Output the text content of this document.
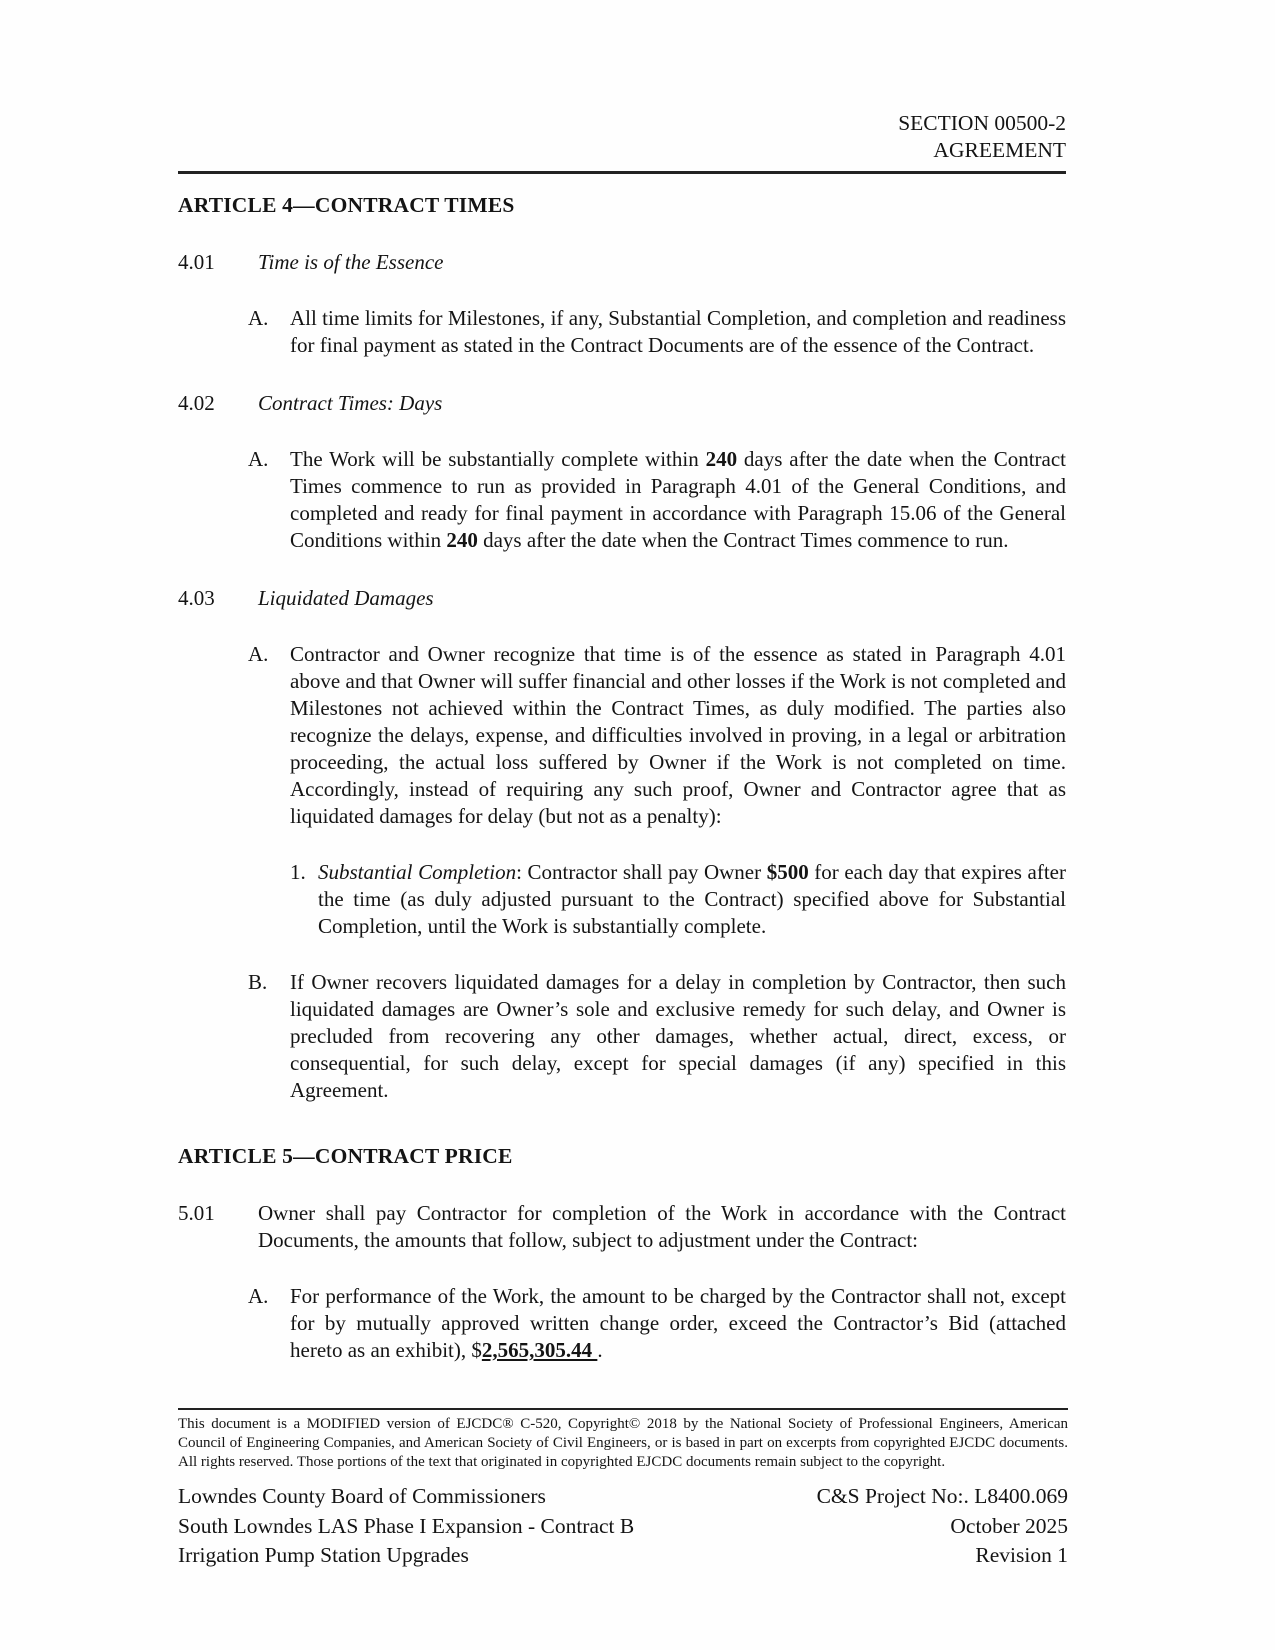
SECTION 00500-2
AGREEMENT
ARTICLE 4—CONTRACT TIMES
4.01	Time is of the Essence
A.	All time limits for Milestones, if any, Substantial Completion, and completion and readiness for final payment as stated in the Contract Documents are of the essence of the Contract.
4.02	Contract Times: Days
A.	The Work will be substantially complete within 240 days after the date when the Contract Times commence to run as provided in Paragraph 4.01 of the General Conditions, and completed and ready for final payment in accordance with Paragraph 15.06 of the General Conditions within 240 days after the date when the Contract Times commence to run.
4.03	Liquidated Damages
A.	Contractor and Owner recognize that time is of the essence as stated in Paragraph 4.01 above and that Owner will suffer financial and other losses if the Work is not completed and Milestones not achieved within the Contract Times, as duly modified. The parties also recognize the delays, expense, and difficulties involved in proving, in a legal or arbitration proceeding, the actual loss suffered by Owner if the Work is not completed on time. Accordingly, instead of requiring any such proof, Owner and Contractor agree that as liquidated damages for delay (but not as a penalty):
1. Substantial Completion: Contractor shall pay Owner $500 for each day that expires after the time (as duly adjusted pursuant to the Contract) specified above for Substantial Completion, until the Work is substantially complete.
B.	If Owner recovers liquidated damages for a delay in completion by Contractor, then such liquidated damages are Owner’s sole and exclusive remedy for such delay, and Owner is precluded from recovering any other damages, whether actual, direct, excess, or consequential, for such delay, except for special damages (if any) specified in this Agreement.
ARTICLE 5—CONTRACT PRICE
5.01	Owner shall pay Contractor for completion of the Work in accordance with the Contract Documents, the amounts that follow, subject to adjustment under the Contract:
A.	For performance of the Work, the amount to be charged by the Contractor shall not, except for by mutually approved written change order, exceed the Contractor’s Bid (attached hereto as an exhibit), $2,565,305.44 .
This document is a MODIFIED version of EJCDC® C-520, Copyright© 2018 by the National Society of Professional Engineers, American Council of Engineering Companies, and American Society of Civil Engineers, or is based in part on excerpts from copyrighted EJCDC documents. All rights reserved. Those portions of the text that originated in copyrighted EJCDC documents remain subject to the copyright.
Lowndes County Board of Commissioners
South Lowndes LAS Phase I Expansion - Contract B
Irrigation Pump Station Upgrades
C&S Project No:. L8400.069
October 2025
Revision 1
